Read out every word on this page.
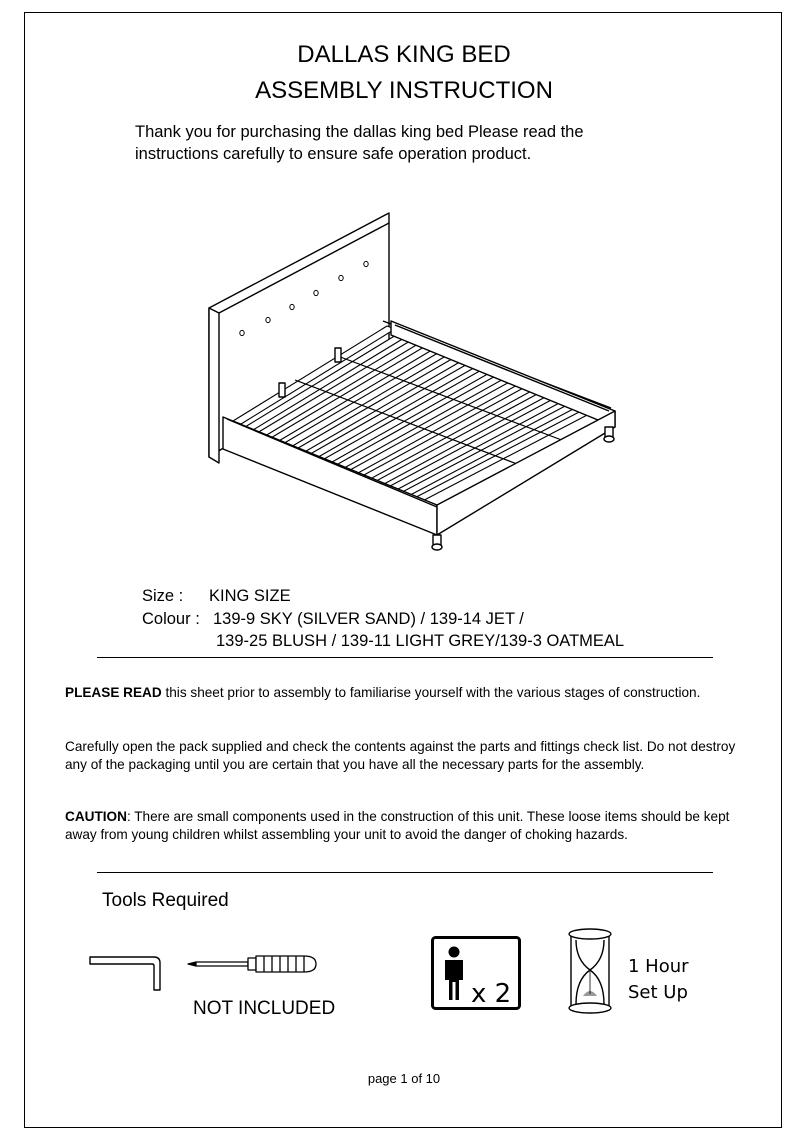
DALLAS KING BED
ASSEMBLY INSTRUCTION
Thank you for purchasing the dallas king bed Please read the
instructions carefully to ensure safe operation product.
Size : KING SIZE
Colour : 139-9 SKY (SILVER SAND) / 139-14 JET /
139-25 BLUSH / 139-11 LIGHT GREY/139-3 OATMEAL
PLEASE READ this sheet prior to assembly to familiarise yourself with the various stages of construction.
Carefully open the pack supplied and check the contents against the parts and fittings check list. Do not destroy any of the packaging until you are certain that you have all the necessary parts for the assembly.
CAUTION: There are small components used in the construction of this unit. These loose items should be kept away from young children whilst assembling your unit to avoid the danger of choking hazards.
Tools Required
NOT INCLUDED	x 2
1 Hour
Set Up
page 1 of 10
